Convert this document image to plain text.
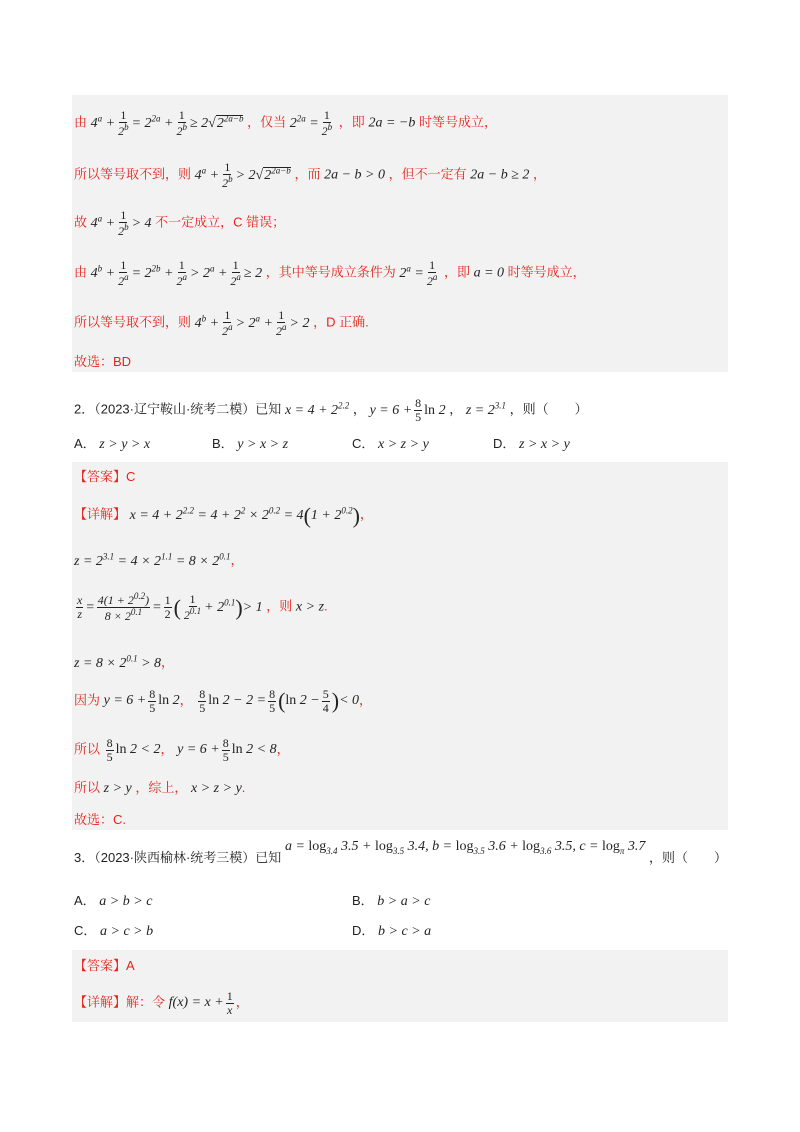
由 $4^a + \frac{1}{2^b} = 2^{2a} + \frac{1}{2^b} \ge 2√2^{2a-b}$ ，仅当 $2^{2a} = \frac{1}{2^b}$ ，即 2a = −b 时等号成立，
所以等号取不到，则 $4^a + \frac{1}{2^b} > 2√2^{2a-b}$ ，而 2a − b > 0 ，但不一定有 2a − b ≥ 2 ，
故 $4^a + \frac{1}{2^b} > 4$ 不一定成立，C 错误；
由 $4^b + \frac{1}{2^a} = 2^{2b} + \frac{1}{2^a} > 2^a + \frac{1}{2^a} \ge 2$ ，其中等号成立条件为 $2^a = \frac{1}{2^a}$ ，即 a = 0 时等号成立，
所以等号取不到，则 $4^b + \frac{1}{2^a} > 2^a + \frac{1}{2^a} > 2$ ，D 正确.
故选：BD
2．（2023·辽宁鞍山·统考二模）已知 $x = 4 + 2^{2.2}$ ， $y = 6 + \frac{8}{5}$ ln 2 ， $z = 2^{3.1}$ ，则（　　）
A． z > y > x	B． y > x > z	C． x > z > y	D． z > x > y
【答案】C
【详解】 $x = 4 + 2^{2.2} = 4 + 2^2 \times 2^{0.2} = 4(1 + 2^{0.2})$，
$z = 2^{3.1} = 4 \times 2^{1.1} = 8 \times 2^{0.1}$，
$\frac{x}{z} = \frac{4(1 + 2^{0.2})}{8 \times 2^{0.1}} = \frac{1}{2}$ ( $\frac{1}{2^{0.1}} + 2^{0.1})> 1$ ，则 x > z.
$z = 8 \times 2^{0.1} > 8$，
因为 $y = 6 + \frac{8}{5}$ ln 2， $\frac{8}{5}$ $\ln 2 - 2 = \frac{8}{5} (\ln$ $2 - \frac{5}{4}$ )< 0，
所以 $\frac{8}{5}$ ln 2 < 2， $y = 6 + \frac{8}{5}$ ln 2 < 8，
所以 z > y ，综上， x > z > y.
故选：C.
3．（2023·陕西榆林·统考三模）已知 $a = \log_{3.4} 3.5 + \log_{3.5} 3.4$, $b = \log_{3.5} 3.6 + \log_{3.6} 3.5$, $c = \log_\pi 3.7$ ，则（　　）
A． a > b > c	B． b > a > c
C． a > c > b	D． b > c > a
【答案】A
【详解】解：令 $f(x) = x + \frac{1}{x}$ ，
